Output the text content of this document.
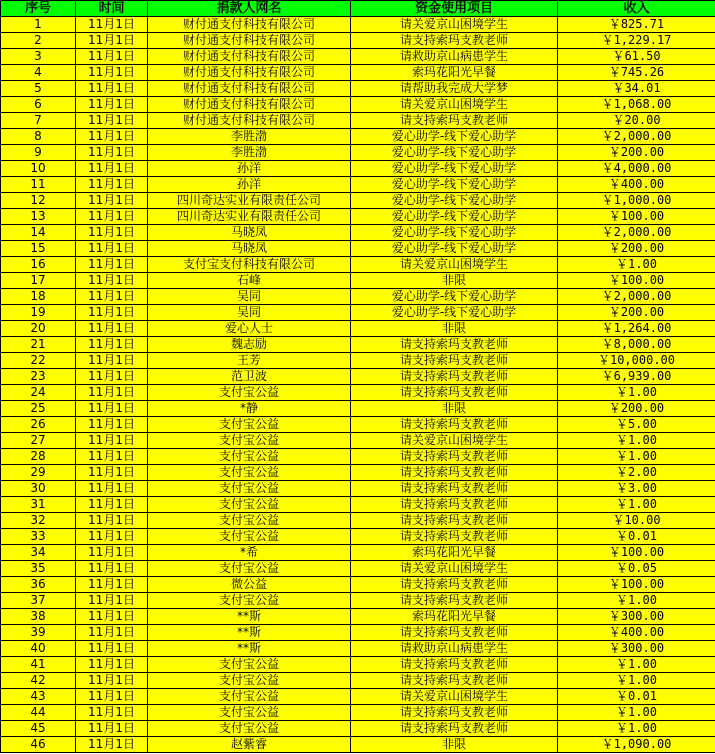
序号	时间	捐款人网名	资金使用项目	收入
1	11月1日	财付通支付科技有限公司	请关爱京山困境学生	￥825.71
2	11月1日	财付通支付科技有限公司	请支持索玛支教老师	￥1,229.17
3	11月1日	财付通支付科技有限公司	请救助京山病患学生	￥61.50
4	11月1日	财付通支付科技有限公司	索玛花阳光早餐	￥745.26
5	11月1日	财付通支付科技有限公司	请帮助我完成大学梦	￥34.01
6	11月1日	财付通支付科技有限公司	请关爱京山困境学生	￥1,068.00
7	11月1日	财付通支付科技有限公司	请支持索玛支教老师	￥20.00
8	11月1日	李胜渤	爱心助学-线下爱心助学	￥2,000.00
9	11月1日	李胜渤	爱心助学-线下爱心助学	￥200.00
10	11月1日	孙洋	爱心助学-线下爱心助学	￥4,000.00
11	11月1日	孙洋	爱心助学-线下爱心助学	￥400.00
12	11月1日	四川奇达实业有限责任公司	爱心助学-线下爱心助学	￥1,000.00
13	11月1日	四川奇达实业有限责任公司	爱心助学-线下爱心助学	￥100.00
14	11月1日	马晓凤	爱心助学-线下爱心助学	￥2,000.00
15	11月1日	马晓凤	爱心助学-线下爱心助学	￥200.00
16	11月1日	支付宝支付科技有限公司	请关爱京山困境学生	￥1.00
17	11月1日	石峰	非限	￥100.00
18	11月1日	吴同	爱心助学-线下爱心助学	￥2,000.00
19	11月1日	吴同	爱心助学-线下爱心助学	￥200.00
20	11月1日	爱心人士	非限	￥1,264.00
21	11月1日	魏志励	请支持索玛支教老师	￥8,000.00
22	11月1日	王芳	请支持索玛支教老师	￥10,000.00
23	11月1日	范卫波	请支持索玛支教老师	￥6,939.00
24	11月1日	支付宝公益	请支持索玛支教老师	￥1.00
25	11月1日	*静	非限	￥200.00
26	11月1日	支付宝公益	请支持索玛支教老师	￥5.00
27	11月1日	支付宝公益	请关爱京山困境学生	￥1.00
28	11月1日	支付宝公益	请支持索玛支教老师	￥1.00
29	11月1日	支付宝公益	请支持索玛支教老师	￥2.00
30	11月1日	支付宝公益	请支持索玛支教老师	￥3.00
31	11月1日	支付宝公益	请支持索玛支教老师	￥1.00
32	11月1日	支付宝公益	请支持索玛支教老师	￥10.00
33	11月1日	支付宝公益	请支持索玛支教老师	￥0.01
34	11月1日	*希	索玛花阳光早餐	￥100.00
35	11月1日	支付宝公益	请关爱京山困境学生	￥0.05
36	11月1日	微公益	请支持索玛支教老师	￥100.00
37	11月1日	支付宝公益	请支持索玛支教老师	￥1.00
38	11月1日	**斯	索玛花阳光早餐	￥300.00
39	11月1日	**斯	请支持索玛支教老师	￥400.00
40	11月1日	**斯	请救助京山病患学生	￥300.00
41	11月1日	支付宝公益	请支持索玛支教老师	￥1.00
42	11月1日	支付宝公益	请支持索玛支教老师	￥1.00
43	11月1日	支付宝公益	请关爱京山困境学生	￥0.01
44	11月1日	支付宝公益	请支持索玛支教老师	￥1.00
45	11月1日	支付宝公益	请支持索玛支教老师	￥1.00
46	11月1日	赵紫睿	非限	￥1,090.00
